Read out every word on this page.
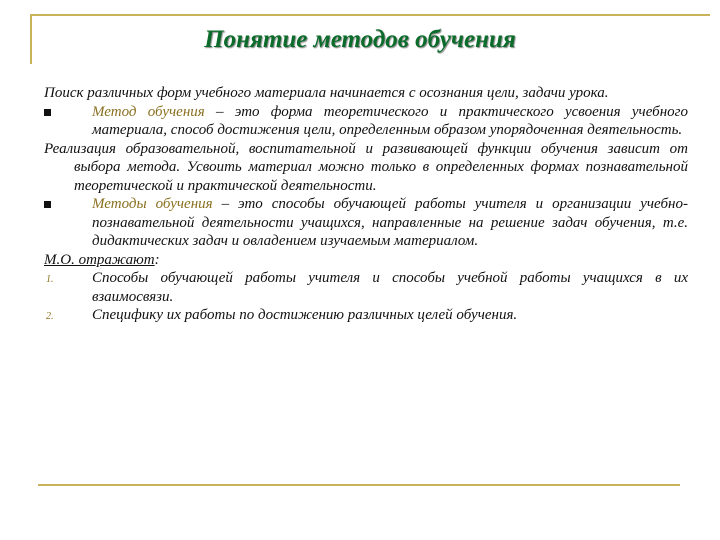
Понятие методов обучения

Поиск различных форм учебного материала начинается с осознания цели, задачи урока.

Метод обучения – это форма теоретического и практического усвоения учебного материала, способ достижения цели, определенным образом упорядоченная деятельность.

Реализация образовательной, воспитательной и развивающей функции обучения зависит от выбора метода. Усвоить материал можно только в определенных формах познавательной теоретической и практической деятельности.

Методы обучения – это способы обучающей работы учителя и организации учебно-познавательной деятельности учащихся, направленные на решение задач обучения, т.е. дидактических задач и овладением изучаемым материалом.

М.О. отражают:

1.	Способы обучающей работы учителя и способы учебной работы учащихся в их взаимосвязи.

2.	Специфику их работы по достижению различных целей обучения.
